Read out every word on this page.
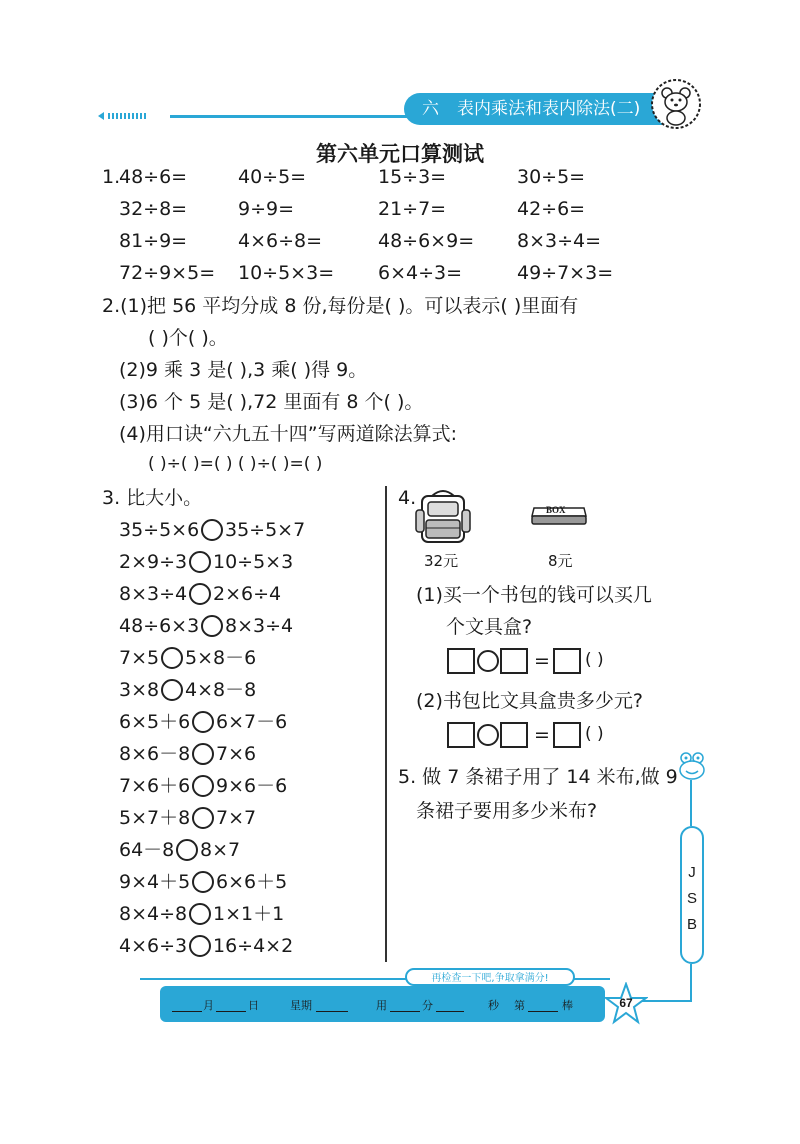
六 表内乘法和表内除法(二)
第六单元口算测试
1.
48÷6=	40÷5=	15÷3=	30÷5=
32÷8=	9÷9=	21÷7=	42÷6=
81÷9=	4×6÷8=	48÷6×9= 8×3÷4=
72÷9×5= 10÷5×3= 6×4÷3=	49÷7×3=
2.(1)把 56 平均分成 8 份,每份是( )。可以表示( )里面有
( )个( )。
(2)9 乘 3 是( ),3 乘( )得 9。
(3)6 个 5 是( ),72 里面有 8 个( )。
(4)用口诀“六九五十四”写两道除法算式:
( )÷( )=( ) ( )÷( )=( )
3. 比大小。
35÷5×6 35÷5×7
2×9÷3 10÷5×3
8×3÷4 2×6÷4
48÷6×3 8×3÷4
7×5 5×8－6
3×8 4×8－8
6×5＋6 6×7－6
8×6－8 7×6
7×6＋6 9×6－6
5×7＋8 7×7
64－8 8×7
9×4＋5 6×6＋5
8×4÷8 1×1＋1
4×6÷3 16÷4×2
4.
BOX
32元	8元
(1)买一个书包的钱可以买几
个文具盒?
= ( )
(2)书包比文具盒贵多少元?
= ( )
5. 做 7 条裙子用了 14 米布,做 9
条裙子要用多少米布?
J
S
B
再检查一下吧,争取拿满分!
月	日	星期	用	分	秒 第	棒	67
